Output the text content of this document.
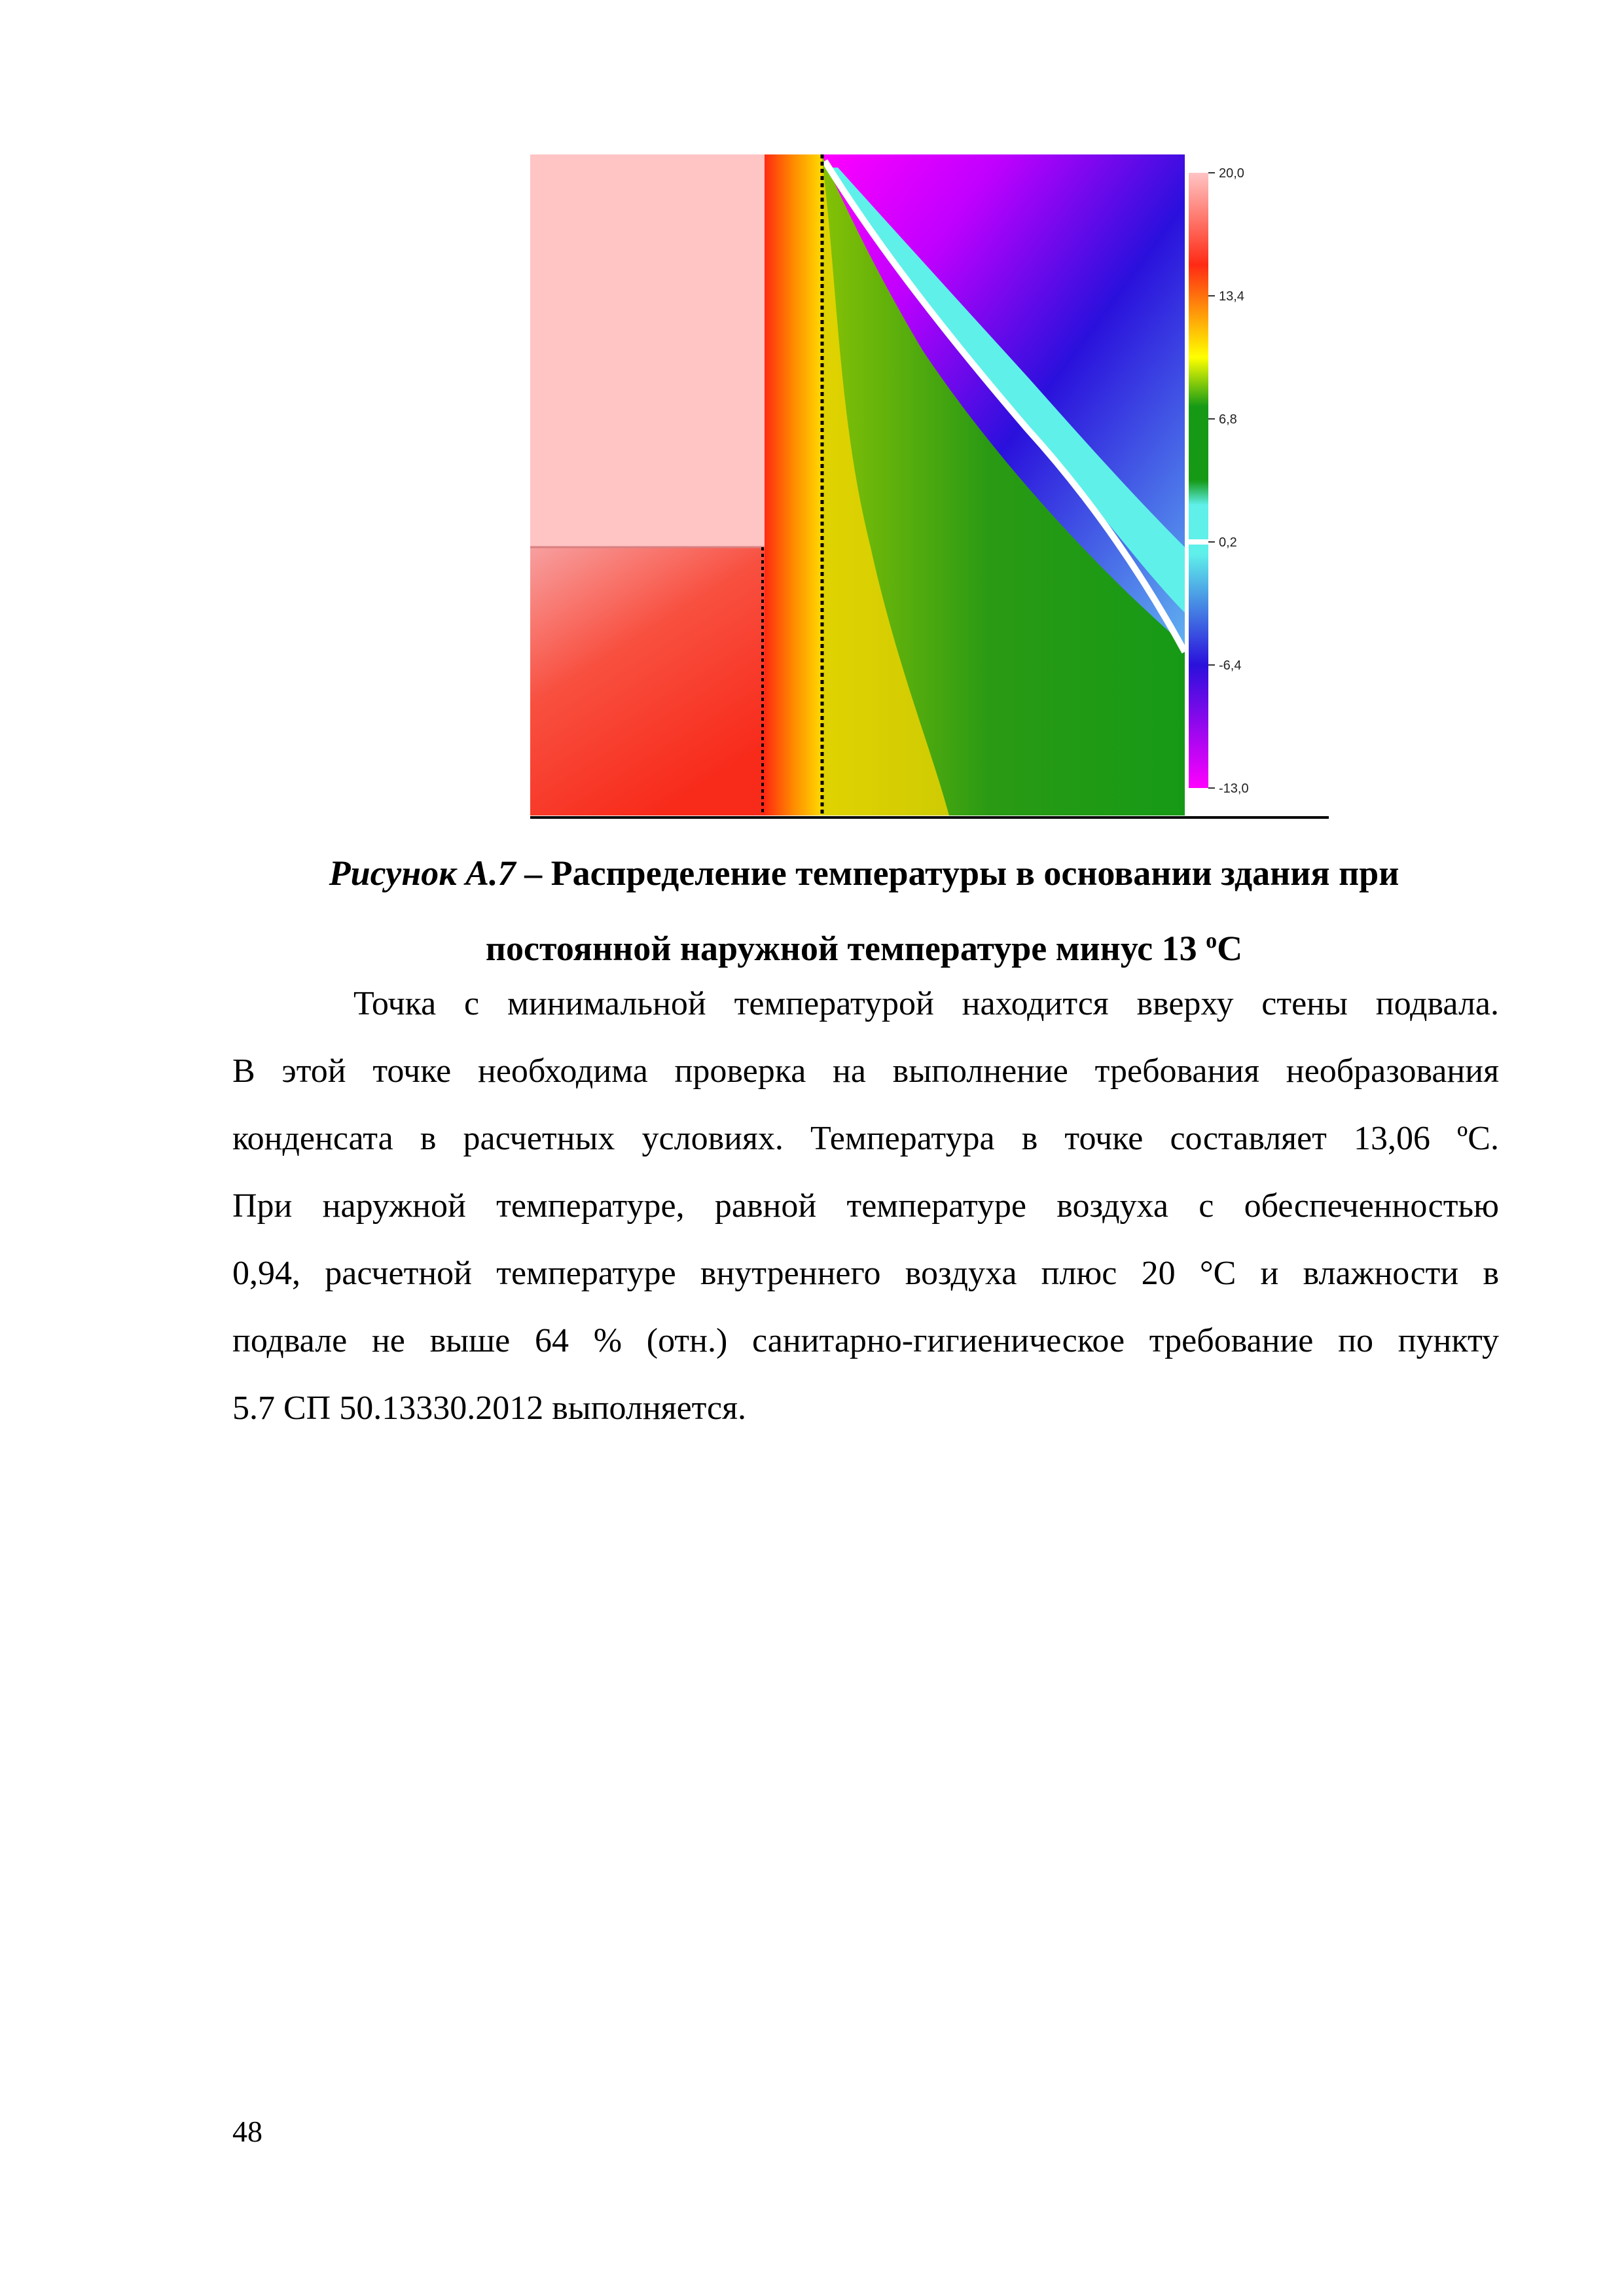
20,0
13,4
6,8
0,2
-6,4
-13,0
Рисунок А.7 – Распределение температуры в основании здания при
постоянной наружной температуре минус 13 $^o$С
Точка с минимальной температурой находится вверху стены подвала.
В этой точке необходима проверка на выполнение требования необразования
конденсата в расчетных условиях. Температура в точке составляет 13,06 ºС.
При наружной температуре, равной температуре воздуха с обеспеченностью
0,94, расчетной температуре внутреннего воздуха плюс 20 °С и влажности в
подвале не выше 64 % (отн.) санитарно-гигиеническое требование по пункту
5.7 СП 50.13330.2012 выполняется.
48
